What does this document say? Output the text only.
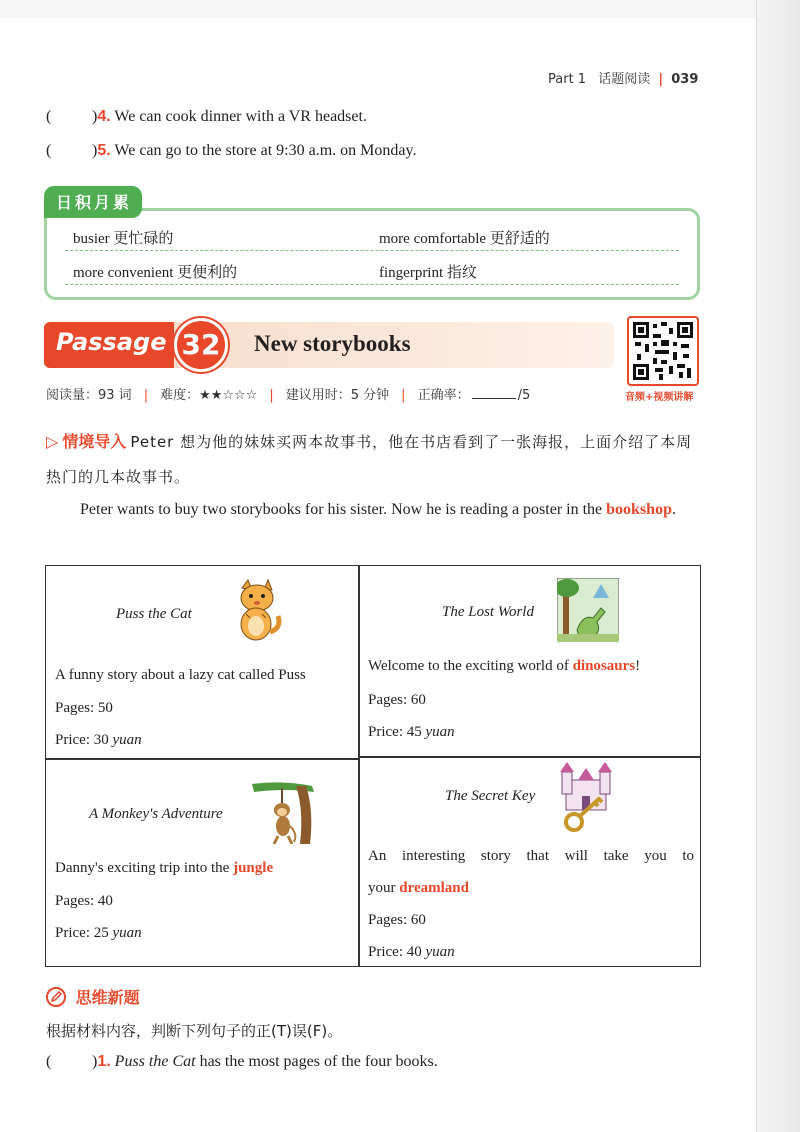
Part 1 话题阅读 | 039
(	)4. We can cook dinner with a VR headset.
(	)5. We can go to the store at 9:30 a.m. on Monday.
busier 更忙碌的	more comfortable 更舒适的
more convenient 更便利的	fingerprint 指纹
日积月累
Passage 32	New storybooks
音频+视频讲解
阅读量：93 词 | 难度：★★☆☆☆ | 建议用时：5 分钟 | 正确率：	/5
▷ 情境导入 Peter 想为他的妹妹买两本故事书，他在书店看到了一张海报，上面介绍了本周热门的几本故事书。
Peter wants to buy two storybooks for his sister. Now he is reading a poster in the bookshop.
Puss the Cat
A funny story about a lazy cat called Puss
Pages: 50
Price: 30 yuan
The Lost World
Welcome to the exciting world of dinosaurs!
Pages: 60
Price: 45 yuan
A Monkey's Adventure
Danny's exciting trip into the jungle
Pages: 40
Price: 25 yuan
The Secret Key
An interesting story that will take you to
your dreamland
Pages: 60
Price: 40 yuan
思维新题
根据材料内容，判断下列句子的正(T)误(F)。
(	)1. Puss the Cat has the most pages of the four books.
